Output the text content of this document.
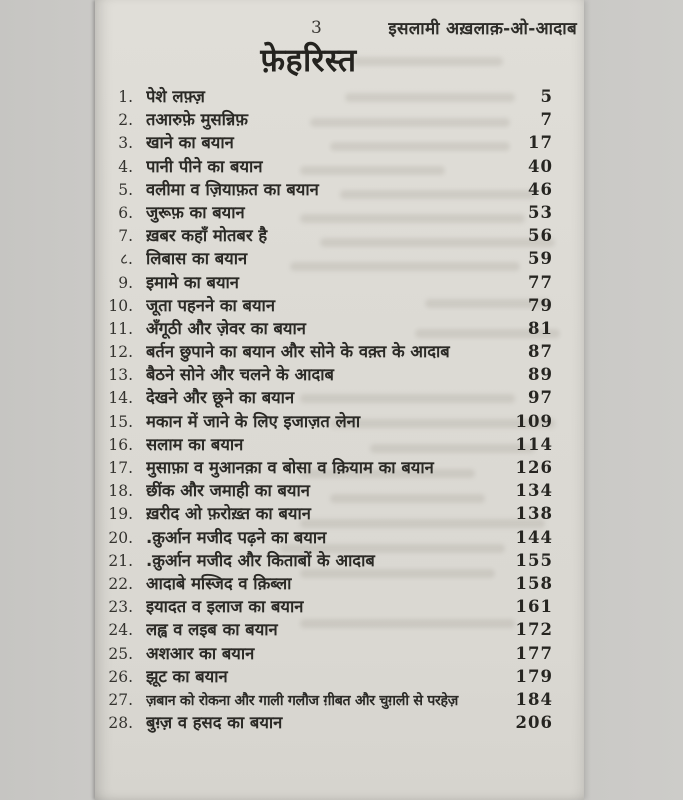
3	इसलामी अख़लाक़-ओ-आदाब
फ़ेहरिस्त
1. पेशे लफ़्ज़	5
2. तआरुफ़े मुसन्निफ़	7
3. खाने का बयान	17
4. पानी पीने का बयान	40
5. वलीमा व ज़ियाफ़त का बयान	46
6. जुरूफ़ का बयान	53
7. ख़बर कहाँ मोतबर है	56
८. लिबास का बयान	59
9. इमामे का बयान	77
10. जूता पहनने का बयान	79
11. अँगूठी और ज़ेवर का बयान	81
12. बर्तन छुपाने का बयान और सोने के वक़्त के आदाब	87
13. बैठने सोने और चलने के आदाब	89
14. देखने और छूने का बयान	97
15. मकान में जाने के लिए इजाज़त लेना	109
16. सलाम का बयान	114
17. मुसाफ़ा व मुआनक़ा व बोसा व क़ियाम का बयान	126
18. छींक और जमाही का बयान	134
19. ख़रीद ओ फ़रोख़्त का बयान	138
20. .क़ुर्आन मजीद पढ़ने का बयान	144
21. .क़ुर्आन मजीद और किताबों के आदाब	155
22. आदाबे मस्जिद व क़िब्ला	158
23. इयादत व इलाज का बयान	161
24. लह्व व लइब का बयान	172
25. अशआर का बयान	177
26. झूट का बयान	179
27. ज़बान को रोकना और गाली गलौज ग़ीबत और चुग़ली से परहेज़	184
28. बुग़्ज़ व हसद का बयान	206
